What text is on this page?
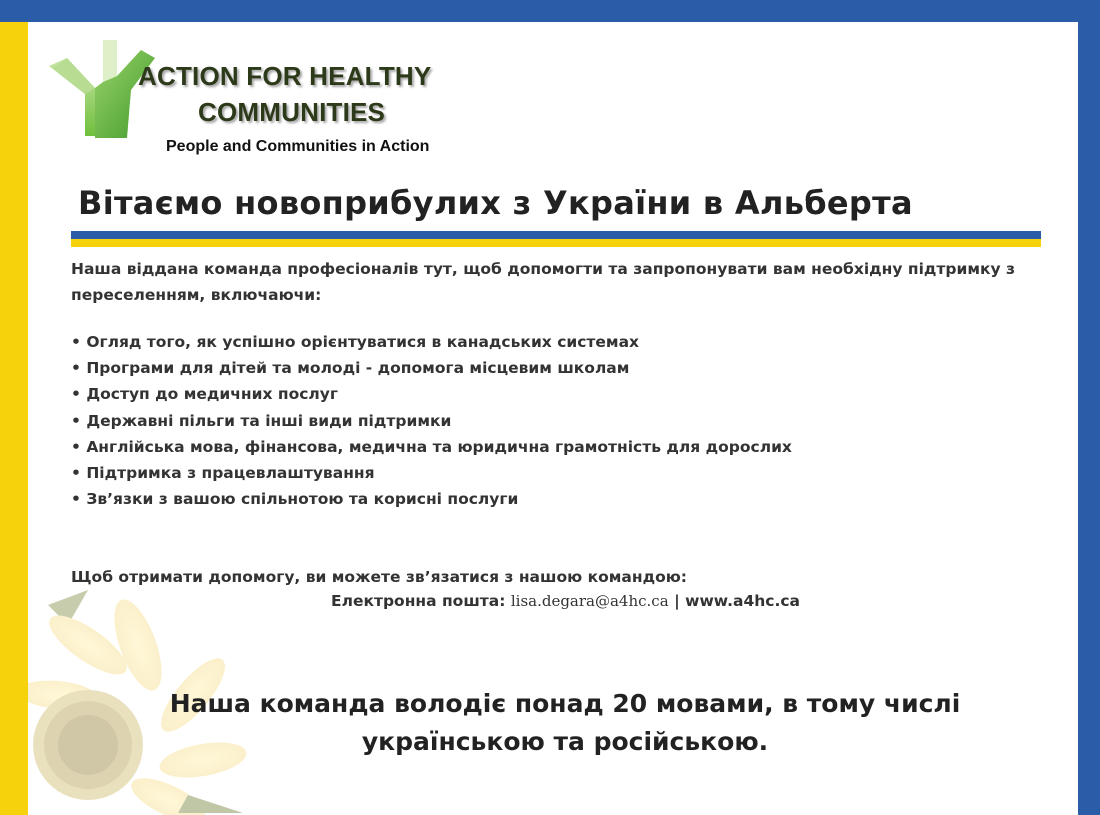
ACTION FOR HEALTHY
COMMUNITIES
People and Communities in Action
Вітаємо новоприбулих з України в Альберта
Наша віддана команда професіоналів тут, щоб допомогти та запропонувати вам необхідну підтримку з переселенням, включаючи:
• Огляд того, як успішно орієнтуватися в канадських системах
• Програми для дітей та молоді - допомога місцевим школам
• Доступ до медичних послуг
• Державні пільги та інші види підтримки
• Англійська мова, фінансова, медична та юридична грамотність для дорослих
• Підтримка з працевлаштування
• Зв’язки з вашою спільнотою та корисні послуги
Щоб отримати допомогу, ви можете зв’язатися з нашою командою:
Електронна пошта: lisa.degara@a4hc.ca | www.a4hc.ca
Наша команда володіє понад 20 мовами, в тому числі
українською та російською.
